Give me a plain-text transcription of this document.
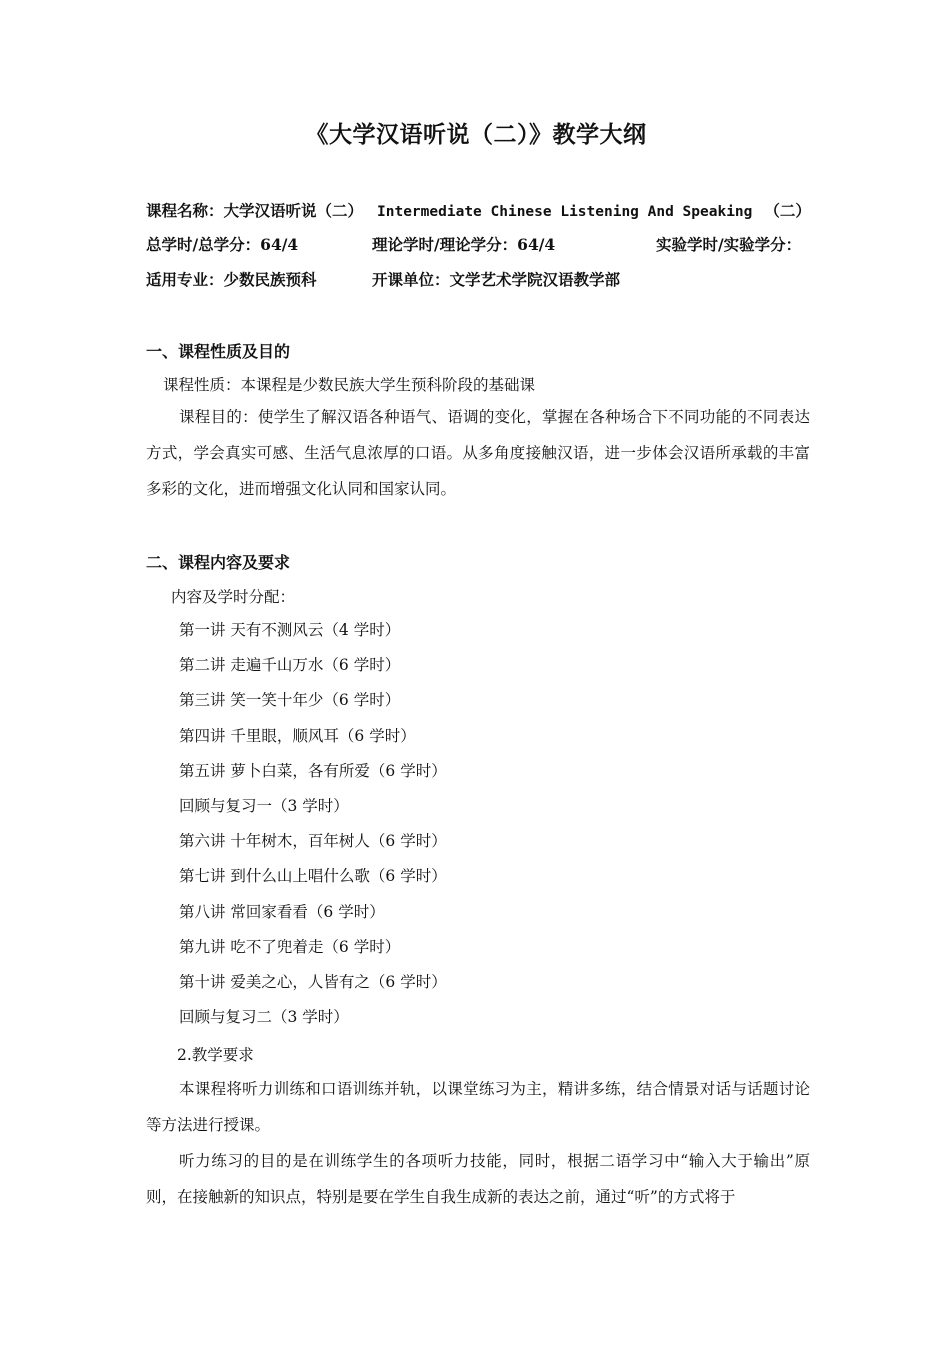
《大学汉语听说（二）》教学大纲
课程名称：大学汉语听说（二） Intermediate Chinese Listening And Speaking （二）
总学时/总学分：64/4	理论学时/理论学分：64/4	实验学时/实验学分：
适用专业：少数民族预科	开课单位：文学艺术学院汉语教学部
一、课程性质及目的
课程性质：本课程是少数民族大学生预科阶段的基础课
课程目的：使学生了解汉语各种语气、语调的变化，掌握在各种场合下不同功能的不同表达方式，学会真实可感、生活气息浓厚的口语。从多角度接触汉语，进一步体会汉语所承载的丰富多彩的文化，进而增强文化认同和国家认同。
二、课程内容及要求
内容及学时分配：
第一讲 天有不测风云（4 学时）
第二讲 走遍千山万水（6 学时）
第三讲 笑一笑十年少（6 学时）
第四讲 千里眼，顺风耳（6 学时）
第五讲 萝卜白菜，各有所爱（6 学时）
回顾与复习一（3 学时）
第六讲 十年树木，百年树人（6 学时）
第七讲 到什么山上唱什么歌（6 学时）
第八讲 常回家看看（6 学时）
第九讲 吃不了兜着走（6 学时）
第十讲 爱美之心，人皆有之（6 学时）
回顾与复习二（3 学时）
2.教学要求
本课程将听力训练和口语训练并轨，以课堂练习为主，精讲多练，结合情景对话与话题讨论等方法进行授课。
听力练习的目的是在训练学生的各项听力技能，同时，根据二语学习中“输入大于输出”原则，在接触新的知识点，特别是要在学生自我生成新的表达之前，通过“听”的方式将于
